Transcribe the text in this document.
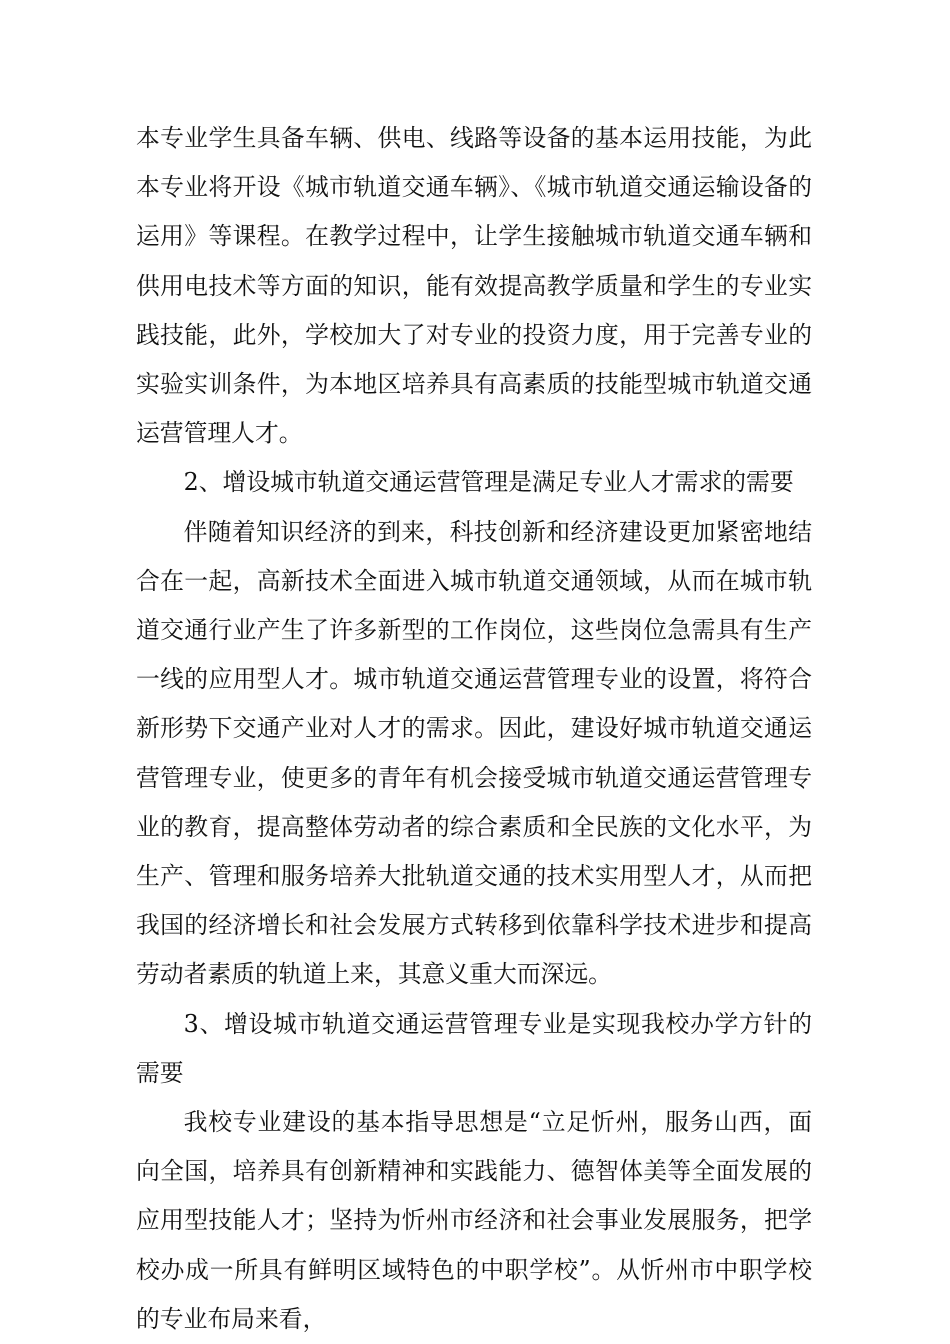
本专业学生具备车辆、供电、线路等设备的基本运用技能，为此本专业将开设《城市轨道交通车辆》、《城市轨道交通运输设备的运用》等课程。在教学过程中，让学生接触城市轨道交通车辆和供用电技术等方面的知识，能有效提高教学质量和学生的专业实践技能，此外，学校加大了对专业的投资力度，用于完善专业的实验实训条件，为本地区培养具有高素质的技能型城市轨道交通运营管理人才。

2、增设城市轨道交通运营管理是满足专业人才需求的需要

伴随着知识经济的到来，科技创新和经济建设更加紧密地结合在一起，高新技术全面进入城市轨道交通领域，从而在城市轨道交通行业产生了许多新型的工作岗位，这些岗位急需具有生产一线的应用型人才。城市轨道交通运营管理专业的设置，将符合新形势下交通产业对人才的需求。因此，建设好城市轨道交通运营管理专业，使更多的青年有机会接受城市轨道交通运营管理专业的教育，提高整体劳动者的综合素质和全民族的文化水平，为生产、管理和服务培养大批轨道交通的技术实用型人才，从而把我国的经济增长和社会发展方式转移到依靠科学技术进步和提高劳动者素质的轨道上来，其意义重大而深远。

3、增设城市轨道交通运营管理专业是实现我校办学方针的需要

我校专业建设的基本指导思想是“立足忻州，服务山西，面向全国，培养具有创新精神和实践能力、德智体美等全面发展的应用型技能人才；坚持为忻州市经济和社会事业发展服务，把学校办成一所具有鲜明区域特色的中职学校”。从忻州市中职学校的专业布局来看，
